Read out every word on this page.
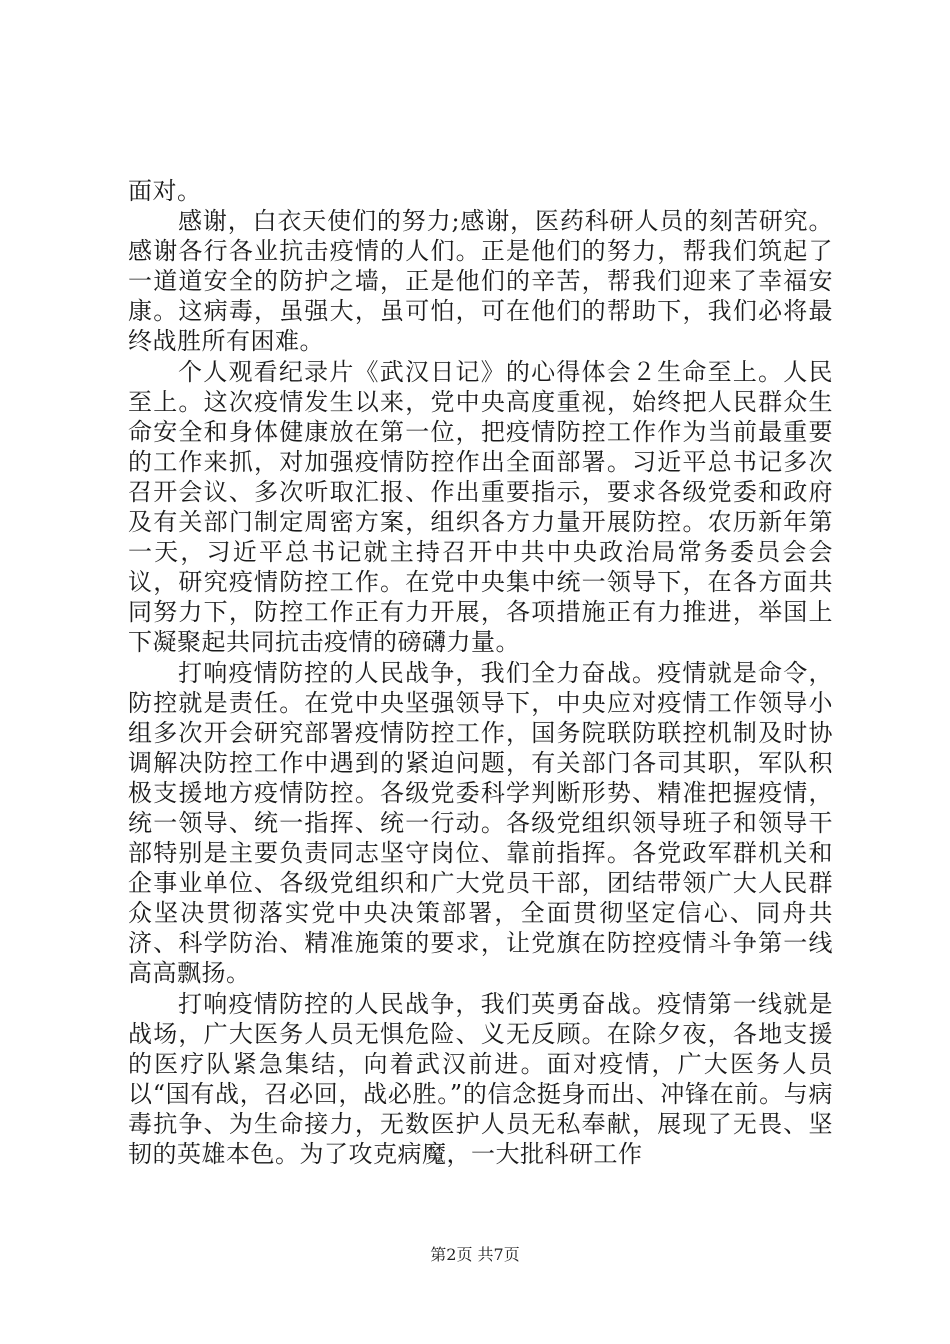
面对。

感谢，白衣天使们的努力;感谢，医药科研人员的刻苦研究。感谢各行各业抗击疫情的人们。正是他们的努力，帮我们筑起了一道道安全的防护之墙，正是他们的辛苦，帮我们迎来了幸福安康。这病毒，虽强大，虽可怕，可在他们的帮助下，我们必将最终战胜所有困难。

个人观看纪录片《武汉日记》的心得体会２生命至上。人民至上。这次疫情发生以来，党中央高度重视，始终把人民群众生命安全和身体健康放在第一位，把疫情防控工作作为当前最重要的工作来抓，对加强疫情防控作出全面部署。习近平总书记多次召开会议、多次听取汇报、作出重要指示，要求各级党委和政府及有关部门制定周密方案，组织各方力量开展防控。农历新年第一天，习近平总书记就主持召开中共中央政治局常务委员会会议，研究疫情防控工作。在党中央集中统一领导下，在各方面共同努力下，防控工作正有力开展，各项措施正有力推进，举国上下凝聚起共同抗击疫情的磅礴力量。

打响疫情防控的人民战争，我们全力奋战。疫情就是命令，防控就是责任。在党中央坚强领导下，中央应对疫情工作领导小组多次开会研究部署疫情防控工作，国务院联防联控机制及时协调解决防控工作中遇到的紧迫问题，有关部门各司其职，军队积极支援地方疫情防控。各级党委科学判断形势、精准把握疫情，统一领导、统一指挥、统一行动。各级党组织领导班子和领导干部特别是主要负责同志坚守岗位、靠前指挥。各党政军群机关和企事业单位、各级党组织和广大党员干部，团结带领广大人民群众坚决贯彻落实党中央决策部署，全面贯彻坚定信心、同舟共济、科学防治、精准施策的要求，让党旗在防控疫情斗争第一线高高飘扬。

打响疫情防控的人民战争，我们英勇奋战。疫情第一线就是战场，广大医务人员无惧危险、义无反顾。在除夕夜，各地支援的医疗队紧急集结，向着武汉前进。面对疫情，广大医务人员以“国有战，召必回，战必胜。”的信念挺身而出、冲锋在前。与病毒抗争、为生命接力，无数医护人员无私奉献，展现了无畏、坚韧的英雄本色。为了攻克病魔，一大批科研工作

第2页 共7页
